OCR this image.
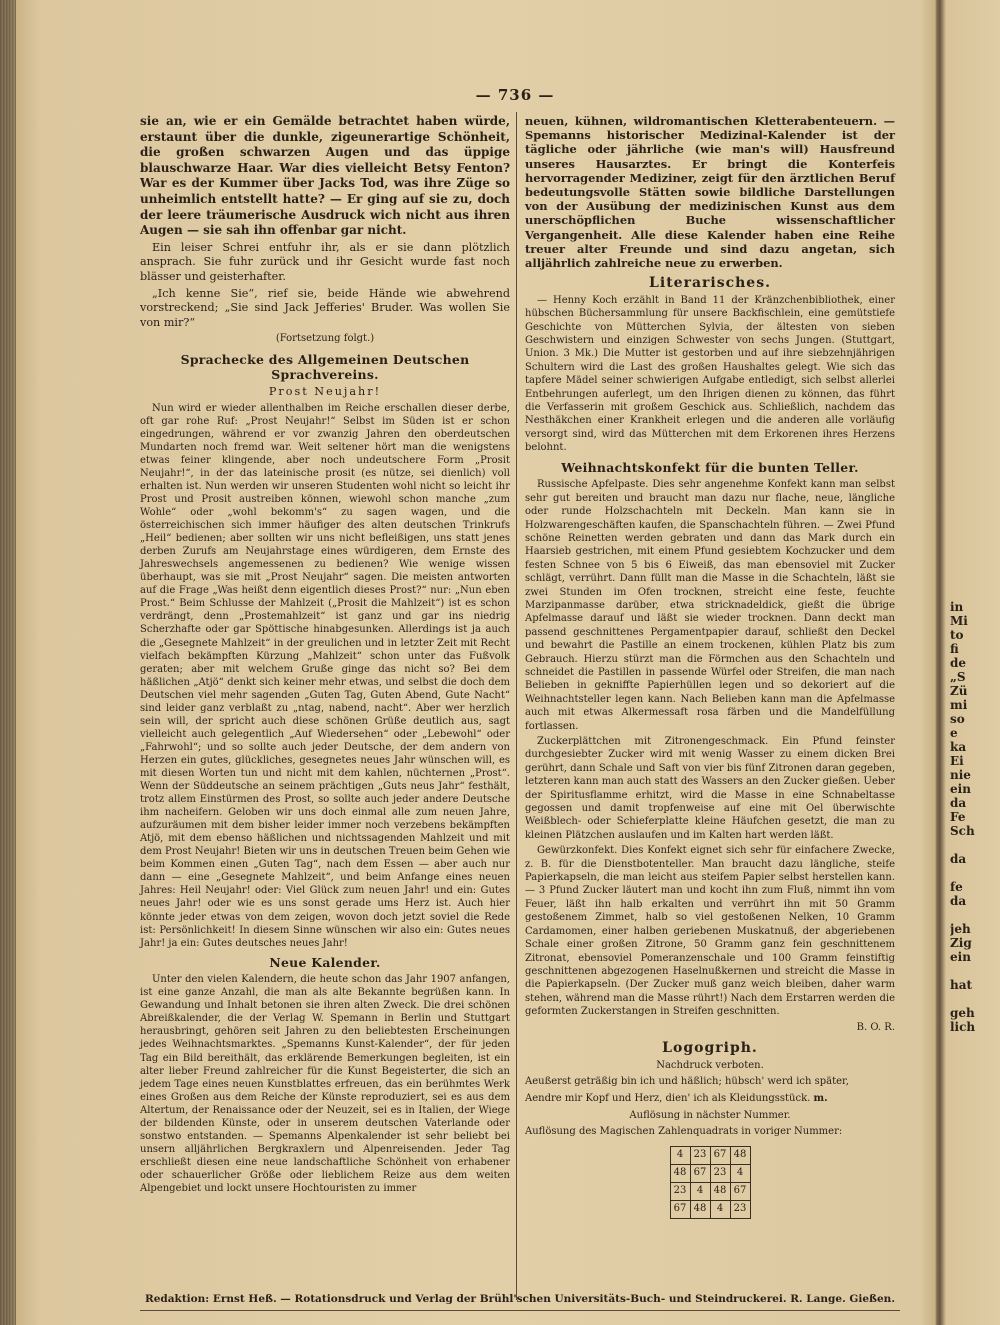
— 736 —

sie an, wie er ein Gemälde betrachtet haben würde, erstaunt über die dunkle, zigeunerartige Schönheit, die großen schwarzen Augen und das üppige blauschwarze Haar. War dies vielleicht Betsy Fenton? War es der Kummer über Jacks Tod, was ihre Züge so unheimlich entstellt hatte? — Er ging auf sie zu, doch der leere träumerische Ausdruck wich nicht aus ihren Augen — sie sah ihn offenbar gar nicht.

Ein leiser Schrei entfuhr ihr, als er sie dann plötzlich ansprach. Sie fuhr zurück und ihr Gesicht wurde fast noch blässer und geisterhafter.

„Ich kenne Sie“, rief sie, beide Hände wie abwehrend vorstreckend; „Sie sind Jack Jefferies' Bruder. Was wollen Sie von mir?“

(Fortsetzung folgt.)

Sprachecke des Allgemeinen Deutschen Sprachvereins.

Prost Neujahr!

Nun wird er wieder allenthalben im Reiche erschallen dieser derbe, oft gar rohe Ruf: „Prost Neujahr!“ Selbst im Süden ist er schon eingedrungen, während er vor zwanzig Jahren den oberdeutschen Mundarten noch fremd war. Weit seltener hört man die wenigstens etwas feiner klingende, aber noch undeutschere Form „Prosit Neujahr!“, in der das lateinische prosit (es nütze, sei dienlich) voll erhalten ist. Nun werden wir unseren Studenten wohl nicht so leicht ihr Prost und Prosit austreiben können, wiewohl schon manche „zum Wohle“ oder „wohl bekomm's“ zu sagen wagen, und die österreichischen sich immer häufiger des alten deutschen Trinkrufs „Heil“ bedienen; aber sollten wir uns nicht befleißigen, uns statt jenes derben Zurufs am Neujahrstage eines würdigeren, dem Ernste des Jahreswechsels angemessenen zu bedienen? Wie wenige wissen überhaupt, was sie mit „Prost Neujahr“ sagen. Die meisten antworten auf die Frage „Was heißt denn eigentlich dieses Prost?“ nur: „Nun eben Prost.“ Beim Schlusse der Mahlzeit („Prosit die Mahlzeit“) ist es schon verdrängt, denn „Prostemahlzeit“ ist ganz und gar ins niedrig Scherzhafte oder gar Spöttische hinabgesunken. Allerdings ist ja auch die „Gesegnete Mahlzeit“ in der greulichen und in letzter Zeit mit Recht vielfach bekämpften Kürzung „Mahlzeit“ schon unter das Fußvolk geraten; aber mit welchem Gruße ginge das nicht so? Bei dem häßlichen „Atjö“ denkt sich keiner mehr etwas, und selbst die doch dem Deutschen viel mehr sagenden „Guten Tag, Guten Abend, Gute Nacht“ sind leider ganz verblaßt zu „ntag, nabend, nacht“. Aber wer herzlich sein will, der spricht auch diese schönen Grüße deutlich aus, sagt vielleicht auch gelegentlich „Auf Wiedersehen“ oder „Lebewohl“ oder „Fahrwohl“; und so sollte auch jeder Deutsche, der dem andern von Herzen ein gutes, glückliches, gesegnetes neues Jahr wünschen will, es mit diesen Worten tun und nicht mit dem kahlen, nüchternen „Prost“. Wenn der Süddeutsche an seinem prächtigen „Guts neus Jahr“ festhält, trotz allem Einstürmen des Prost, so sollte auch jeder andere Deutsche ihm nacheifern. Geloben wir uns doch einmal alle zum neuen Jahre, aufzuräumen mit dem bisher leider immer noch verzebens bekämpften Atjö, mit dem ebenso häßlichen und nichtssagenden Mahlzeit und mit dem Prost Neujahr! Bieten wir uns in deutschen Treuen beim Gehen wie beim Kommen einen „Guten Tag“, nach dem Essen — aber auch nur dann — eine „Gesegnete Mahlzeit“, und beim Anfange eines neuen Jahres: Heil Neujahr! oder: Viel Glück zum neuen Jahr! und ein: Gutes neues Jahr! oder wie es uns sonst gerade ums Herz ist. Auch hier könnte jeder etwas von dem zeigen, wovon doch jetzt soviel die Rede ist: Persönlichkeit! In diesem Sinne wünschen wir also ein: Gutes neues Jahr! ja ein: Gutes deutsches neues Jahr!

Neue Kalender.

Unter den vielen Kalendern, die heute schon das Jahr 1907 anfangen, ist eine ganze Anzahl, die man als alte Bekannte begrüßen kann. In Gewandung und Inhalt betonen sie ihren alten Zweck. Die drei schönen Abreißkalender, die der Verlag W. Spemann in Berlin und Stuttgart herausbringt, gehören seit Jahren zu den beliebtesten Erscheinungen jedes Weihnachtsmarktes. „Spemanns Kunst-Kalender“, der für jeden Tag ein Bild bereithält, das erklärende Bemerkungen begleiten, ist ein alter lieber Freund zahlreicher für die Kunst Begeisterter, die sich an jedem Tage eines neuen Kunstblattes erfreuen, das ein berühmtes Werk eines Großen aus dem Reiche der Künste reproduziert, sei es aus dem Altertum, der Renaissance oder der Neuzeit, sei es in Italien, der Wiege der bildenden Künste, oder in unserem deutschen Vaterlande oder sonstwo entstanden. — Spemanns Alpenkalender ist sehr beliebt bei unsern alljährlichen Bergkraxlern und Alpenreisenden. Jeder Tag erschließt diesen eine neue landschaftliche Schönheit von erhabener oder schauerlicher Größe oder lieblichem Reize aus dem weiten Alpengebiet und lockt unsere Hochtouristen zu immer

neuen, kühnen, wildromantischen Kletterabenteuern. — Spemanns historischer Medizinal-Kalender ist der tägliche oder jährliche (wie man's will) Hausfreund unseres Hausarztes. Er bringt die Konterfeis hervorragender Mediziner, zeigt für den ärztlichen Beruf bedeutungsvolle Stätten sowie bildliche Darstellungen von der Ausübung der medizinischen Kunst aus dem unerschöpflichen Buche wissenschaftlicher Vergangenheit. Alle diese Kalender haben eine Reihe treuer alter Freunde und sind dazu angetan, sich alljährlich zahlreiche neue zu erwerben.

Literarisches.

— Henny Koch erzählt in Band 11 der Kränzchenbibliothek, einer hübschen Büchersammlung für unsere Backfischlein, eine gemütstiefe Geschichte von Mütterchen Sylvia, der ältesten von sieben Geschwistern und einzigen Schwester von sechs Jungen. (Stuttgart, Union. 3 Mk.) Die Mutter ist gestorben und auf ihre siebzehnjährigen Schultern wird die Last des großen Haushaltes gelegt. Wie sich das tapfere Mädel seiner schwierigen Aufgabe entledigt, sich selbst allerlei Entbehrungen auferlegt, um den Ihrigen dienen zu können, das führt die Verfasserin mit großem Geschick aus. Schließlich, nachdem das Nesthäkchen einer Krankheit erlegen und die anderen alle vorläufig versorgt sind, wird das Mütterchen mit dem Erkorenen ihres Herzens belohnt.

Weihnachtskonfekt für die bunten Teller.

Russische Apfelpaste. Dies sehr angenehme Konfekt kann man selbst sehr gut bereiten und braucht man dazu nur flache, neue, längliche oder runde Holzschachteln mit Deckeln. Man kann sie in Holzwarengeschäften kaufen, die Spanschachteln führen. — Zwei Pfund schöne Reinetten werden gebraten und dann das Mark durch ein Haarsieb gestrichen, mit einem Pfund gesiebtem Kochzucker und dem festen Schnee von 5 bis 6 Eiweiß, das man ebensoviel mit Zucker schlägt, verrührt. Dann füllt man die Masse in die Schachteln, läßt sie zwei Stunden im Ofen trocknen, streicht eine feste, feuchte Marzipanmasse darüber, etwa stricknadeldick, gießt die übrige Apfelmasse darauf und läßt sie wieder trocknen. Dann deckt man passend geschnittenes Pergamentpapier darauf, schließt den Deckel und bewahrt die Pastille an einem trockenen, kühlen Platz bis zum Gebrauch. Hierzu stürzt man die Förmchen aus den Schachteln und schneidet die Pastillen in passende Würfel oder Streifen, die man nach Belieben in gekniffte Papierhüllen legen und so dekoriert auf die Weihnachtsteller legen kann. Nach Belieben kann man die Apfelmasse auch mit etwas Alkermessaft rosa färben und die Mandelfüllung fortlassen.

Zuckerplättchen mit Zitronengeschmack. Ein Pfund feinster durchgesiebter Zucker wird mit wenig Wasser zu einem dicken Brei gerührt, dann Schale und Saft von vier bis fünf Zitronen daran gegeben, letzteren kann man auch statt des Wassers an den Zucker gießen. Ueber der Spiritusflamme erhitzt, wird die Masse in eine Schnabeltasse gegossen und damit tropfenweise auf eine mit Oel überwischte Weißblech- oder Schieferplatte kleine Häufchen gesetzt, die man zu kleinen Plätzchen auslaufen und im Kalten hart werden läßt.

Gewürzkonfekt. Dies Konfekt eignet sich sehr für einfachere Zwecke, z. B. für die Dienstbotenteller. Man braucht dazu längliche, steife Papierkapseln, die man leicht aus steifem Papier selbst herstellen kann. — 3 Pfund Zucker läutert man und kocht ihn zum Fluß, nimmt ihn vom Feuer, läßt ihn halb erkalten und verrührt ihn mit 50 Gramm gestoßenem Zimmet, halb so viel gestoßenen Nelken, 10 Gramm Cardamomen, einer halben geriebenen Muskatnuß, der abgeriebenen Schale einer großen Zitrone, 50 Gramm ganz fein geschnittenem Zitronat, ebensoviel Pomeranzenschale und 100 Gramm feinstiftig geschnittenen abgezogenen Haselnußkernen und streicht die Masse in die Papierkapseln. (Der Zucker muß ganz weich bleiben, daher warm stehen, während man die Masse rührt!) Nach dem Erstarren werden die geformten Zuckerstangen in Streifen geschnitten.

B. O. R.

Logogriph.

Nachdruck verboten.

Aeußerst geträßig bin ich und häßlich; hübsch' werd ich später,

Aendre mir Kopf und Herz, dien' ich als Kleidungsstück. m.

Auflösung in nächster Nummer.

Auflösung des Magischen Zahlenquadrats in voriger Nummer:

4	23	67	48
48	67	23	4
23	4	48	67
67	48	4	23
in
Mi
to
fi
de
„S
Zü
mi
so
e
ka
Ei
nie
ein
da
Fe
Sch
da
fe
da
jeh
Zig
ein
hat
geh
lich
Redaktion: Ernst Heß. — Rotationsdruck und Verlag der Brühl'schen Universitäts-Buch- und Steindruckerei. R. Lange. Gießen.
